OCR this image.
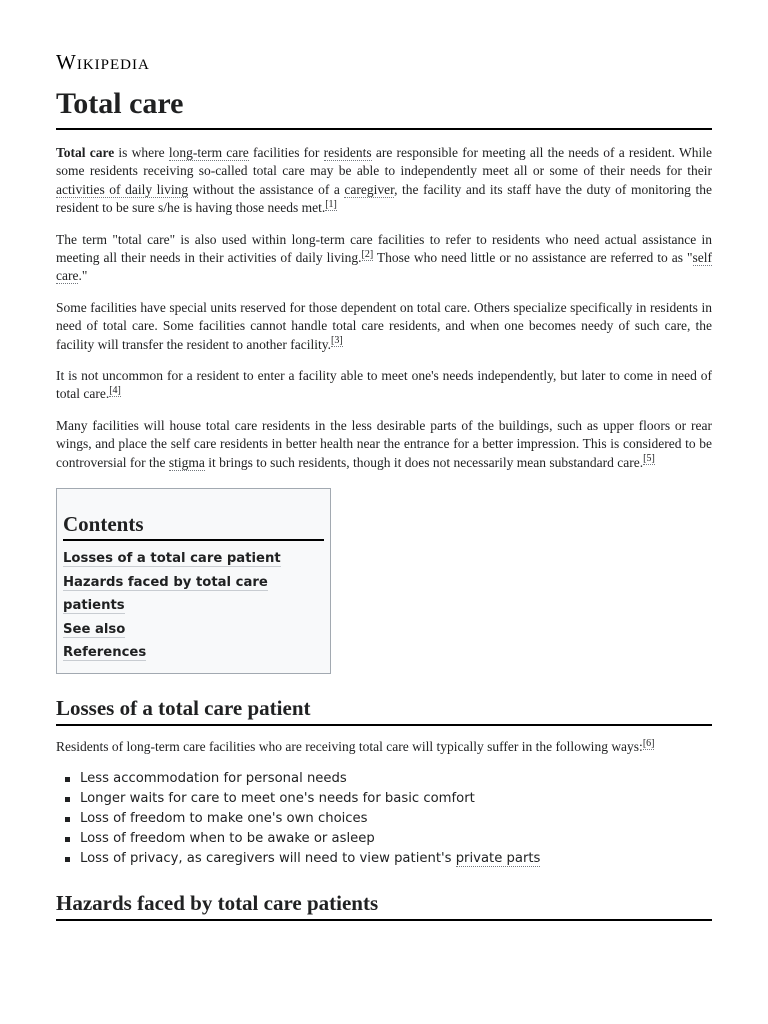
Wikipedia
Total care

Total care is where long-term care facilities for residents are responsible for meeting all the needs of a resident. While some residents receiving so-called total care may be able to independently meet all or some of their needs for their activities of daily living without the assistance of a caregiver, the facility and its staff have the duty of monitoring the resident to be sure s/he is having those needs met.[1]

The term "total care" is also used within long-term care facilities to refer to residents who need actual assistance in meeting all their needs in their activities of daily living.[2] Those who need little or no assistance are referred to as "self care."

Some facilities have special units reserved for those dependent on total care. Others specialize specifically in residents in need of total care. Some facilities cannot handle total care residents, and when one becomes needy of such care, the facility will transfer the resident to another facility.[3]

It is not uncommon for a resident to enter a facility able to meet one's needs independently, but later to come in need of total care.[4]

Many facilities will house total care residents in the less desirable parts of the buildings, such as upper floors or rear wings, and place the self care residents in better health near the entrance for a better impression. This is considered to be controversial for the stigma it brings to such residents, though it does not necessarily mean substandard care.[5]

Contents
Losses of a total care patient
Hazards faced by total care patients
See also
References
Losses of a total care patient

Residents of long-term care facilities who are receiving total care will typically suffer in the following ways:[6]

Less accommodation for personal needs
Longer waits for care to meet one's needs for basic comfort
Loss of freedom to make one's own choices
Loss of freedom when to be awake or asleep
Loss of privacy, as caregivers will need to view patient's private parts
Hazards faced by total care patients
